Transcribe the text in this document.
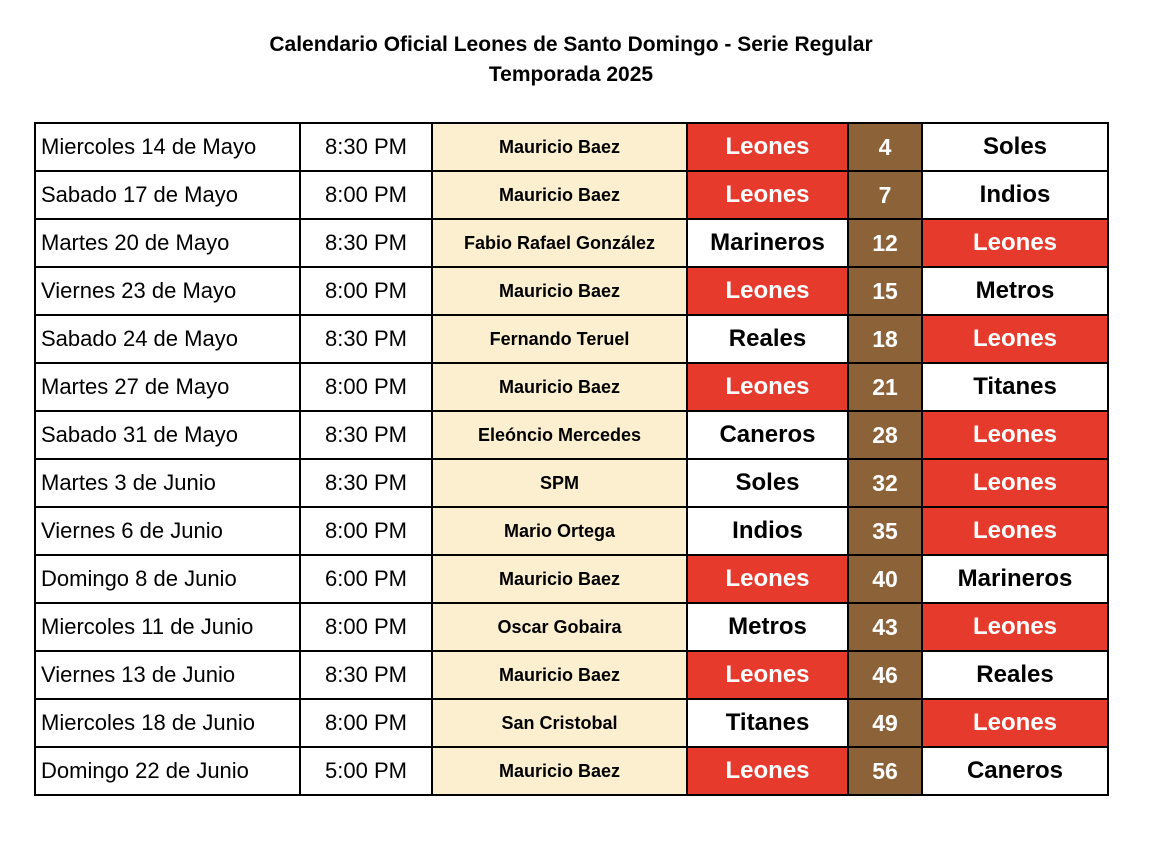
Calendario Oficial Leones de Santo Domingo - Serie Regular
Temporada 2025
Miercoles 14 de Mayo	8:30 PM	Mauricio Baez	Leones	4	Soles
Sabado 17 de Mayo	8:00 PM	Mauricio Baez	Leones	7	Indios
Martes 20 de Mayo	8:30 PM	Fabio Rafael González	Marineros	12	Leones
Viernes 23 de Mayo	8:00 PM	Mauricio Baez	Leones	15	Metros
Sabado 24 de Mayo	8:30 PM	Fernando Teruel	Reales	18	Leones
Martes 27 de Mayo	8:00 PM	Mauricio Baez	Leones	21	Titanes
Sabado 31 de Mayo	8:30 PM	Eleóncio Mercedes	Caneros	28	Leones
Martes 3 de Junio	8:30 PM	SPM	Soles	32	Leones
Viernes 6 de Junio	8:00 PM	Mario Ortega	Indios	35	Leones
Domingo 8 de Junio	6:00 PM	Mauricio Baez	Leones	40	Marineros
Miercoles 11 de Junio	8:00 PM	Oscar Gobaira	Metros	43	Leones
Viernes 13 de Junio	8:30 PM	Mauricio Baez	Leones	46	Reales
Miercoles 18 de Junio	8:00 PM	San Cristobal	Titanes	49	Leones
Domingo 22 de Junio	5:00 PM	Mauricio Baez	Leones	56	Caneros
